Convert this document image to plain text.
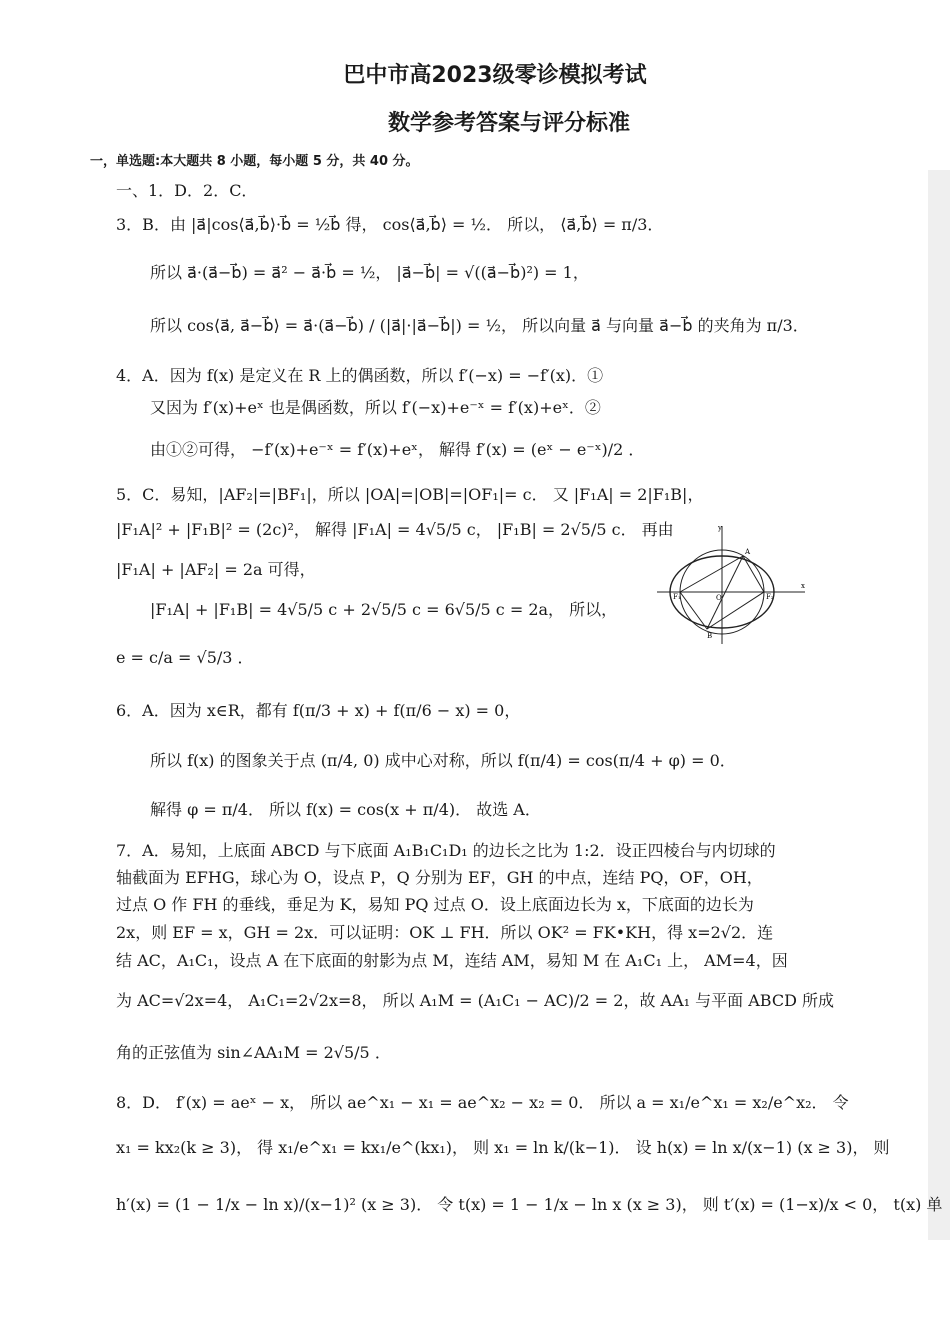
巴中市高2023级零诊模拟考试
数学参考答案与评分标准
一，单选题:本大题共 8 小题，每小题 5 分，共 40 分。
一、1．D．2．C．
3．B．由 |a⃗|cos⟨a⃗,b⃗⟩·b⃗ = ½b⃗ 得， cos⟨a⃗,b⃗⟩ = ½． 所以， ⟨a⃗,b⃗⟩ = π/3．
所以 a⃗·(a⃗−b⃗) = a⃗² − a⃗·b⃗ = ½， |a⃗−b⃗| = √((a⃗−b⃗)²) = 1，
所以 cos⟨a⃗, a⃗−b⃗⟩ = a⃗·(a⃗−b⃗) / (|a⃗|·|a⃗−b⃗|) = ½， 所以向量 a⃗ 与向量 a⃗−b⃗ 的夹角为 π/3．
4．A．因为 f(x) 是定义在 R 上的偶函数，所以 f′(−x) = −f′(x)．①
又因为 f′(x)+eˣ 也是偶函数，所以 f′(−x)+e⁻ˣ = f′(x)+eˣ．②
由①②可得， −f′(x)+e⁻ˣ = f′(x)+eˣ， 解得 f′(x) = (eˣ − e⁻ˣ)/2 ．
5．C．易知，|AF₂|=|BF₁|，所以 |OA|=|OB|=|OF₁|= c． 又 |F₁A| = 2|F₁B|，
|F₁A|² + |F₁B|² = (2c)²， 解得 |F₁A| = 4√5/5 c， |F₁B| = 2√5/5 c． 再由
|F₁A| + |AF₂| = 2a 可得，
|F₁A| + |F₁B| = 4√5/5 c + 2√5/5 c = 6√5/5 c = 2a， 所以，
e = c/a = √5/3 ．
x
y
A
B
O
F₁	F₂
6．A．因为 x∈R，都有 f(π/3 + x) + f(π/6 − x) = 0，
所以 f(x) 的图象关于点 (π/4, 0) 成中心对称，所以 f(π/4) = cos(π/4 + φ) = 0．
解得 φ = π/4． 所以 f(x) = cos(x + π/4)． 故选 A．
7．A．易知，上底面 ABCD 与下底面 A₁B₁C₁D₁ 的边长之比为 1:2．设正四棱台与内切球的
轴截面为 EFHG，球心为 O，设点 P，Q 分别为 EF，GH 的中点，连结 PQ，OF，OH，
过点 O 作 FH 的垂线，垂足为 K，易知 PQ 过点 O．设上底面边长为 x，下底面的边长为
2x，则 EF = x，GH = 2x．可以证明：OK ⊥ FH．所以 OK² = FK•KH，得 x=2√2．连
结 AC，A₁C₁，设点 A 在下底面的射影为点 M，连结 AM，易知 M 在 A₁C₁ 上， AM=4，因
为 AC=√2x=4， A₁C₁=2√2x=8， 所以 A₁M = (A₁C₁ − AC)/2 = 2，故 AA₁ 与平面 ABCD 所成
角的正弦值为 sin∠AA₁M = 2√5/5 ．
8．D． f′(x) = aeˣ − x， 所以 ae^x₁ − x₁ = ae^x₂ − x₂ = 0． 所以 a = x₁/e^x₁ = x₂/e^x₂． 令
x₁ = kx₂(k ≥ 3)， 得 x₁/e^x₁ = kx₁/e^(kx₁)， 则 x₁ = ln k/(k−1)． 设 h(x) = ln x/(x−1) (x ≥ 3)， 则
h′(x) = (1 − 1/x − ln x)/(x−1)² (x ≥ 3)． 令 t(x) = 1 − 1/x − ln x (x ≥ 3)， 则 t′(x) = (1−x)/x < 0， t(x) 单
